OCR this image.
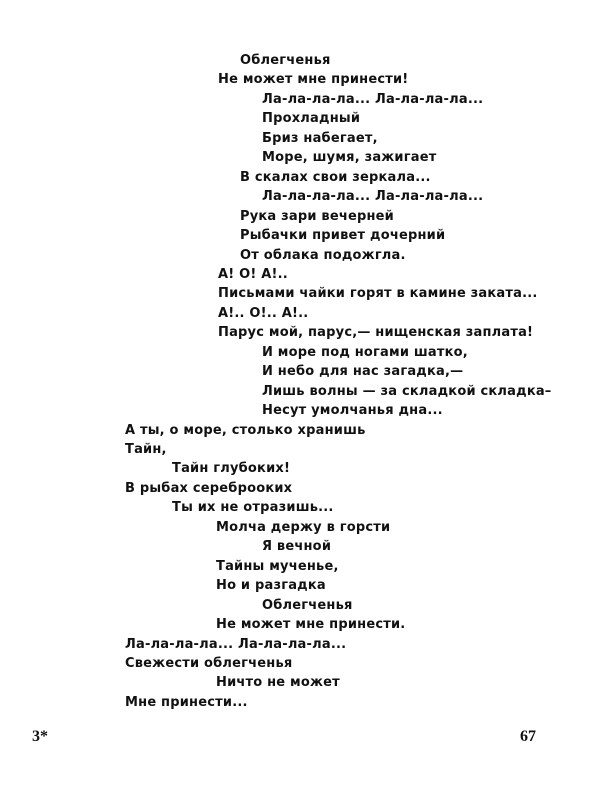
Облегченья
Не может мне принести!
Ла-ла-ла-ла... Ла-ла-ла-ла...
Прохладный
Бриз набегает,
Море, шумя, зажигает
В скалах свои зеркала...
Ла-ла-ла-ла... Ла-ла-ла-ла...
Рука зари вечерней
Рыбачки привет дочерний
От облака подожгла.
А! О! А!..
Письмами чайки горят в камине заката...
А!.. О!.. А!..
Парус мой, парус,— нищенская заплата!
И море под ногами шатко,
И небо для нас загадка,—
Лишь волны — за складкой складка–
Несут умолчанья дна...
А ты, о море, столько хранишь
Тайн,
Тайн глубоких!
В рыбах сереброоких
Ты их не отразишь...
Молча держу в горсти
Я вечной
Тайны мученье,
Но и разгадка
Облегченья
Не может мне принести.
Ла-ла-ла-ла... Ла-ла-ла-ла...
Свежести облегченья
Ничто не может
Мне принести...
3*	67
